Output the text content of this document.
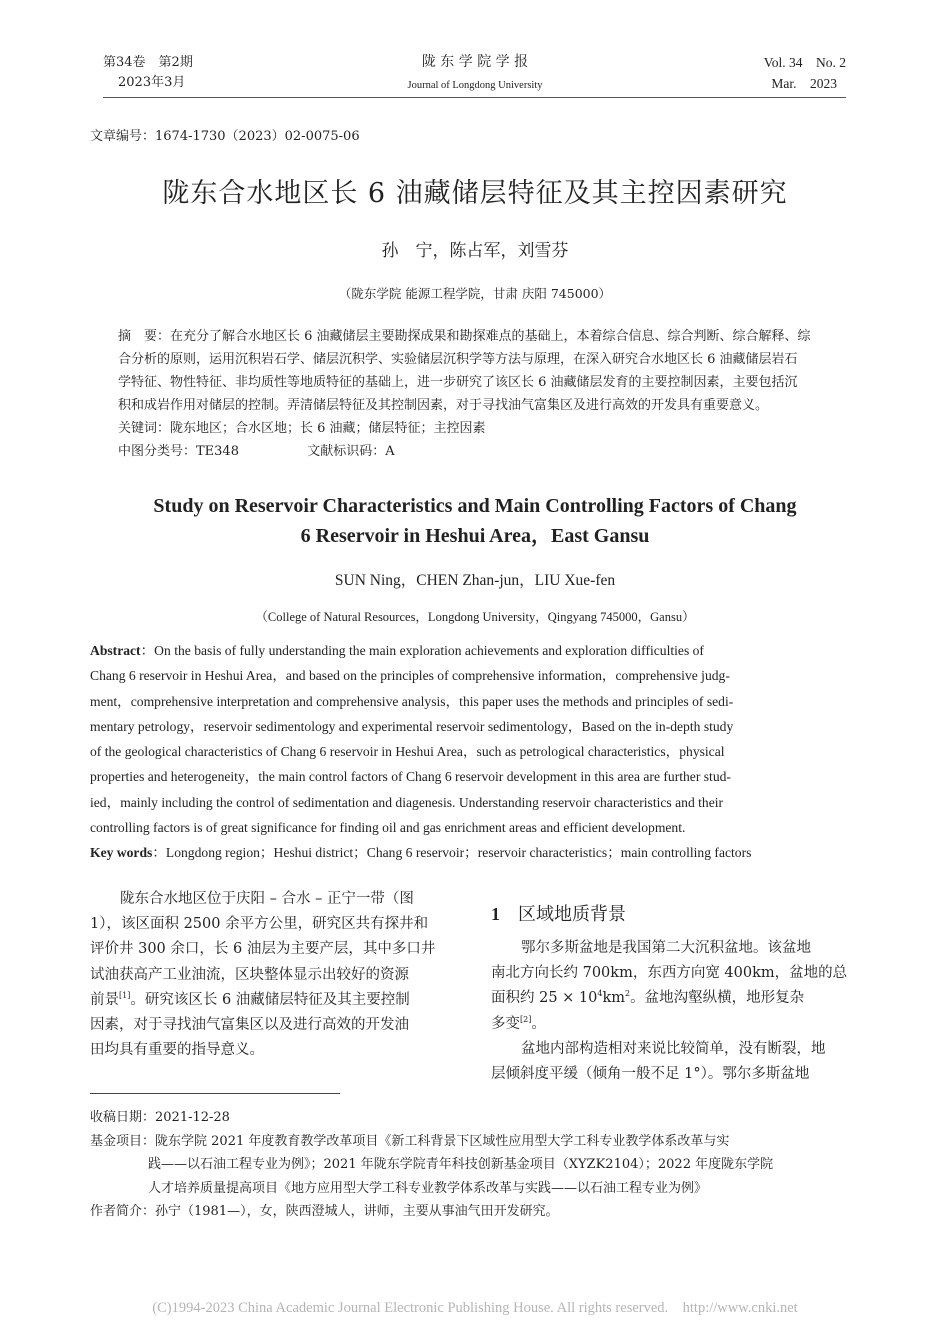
第34卷　第2期
2023年3月
陇 东 学 院 学 报
Journal of Longdong University
Vol. 34　No. 2
Mar.　2023
文章编号：1674-1730（2023）02-0075-06
陇东合水地区长 6 油藏储层特征及其主控因素研究
孙　宁，陈占军，刘雪芬
（陇东学院 能源工程学院，甘肃 庆阳 745000）
摘　要：在充分了解合水地区长 6 油藏储层主要勘探成果和勘探难点的基础上，本着综合信息、综合判断、综合解释、综
合分析的原则，运用沉积岩石学、储层沉积学、实验储层沉积学等方法与原理，在深入研究合水地区长 6 油藏储层岩石
学特征、物性特征、非均质性等地质特征的基础上，进一步研究了该区长 6 油藏储层发育的主要控制因素，主要包括沉
积和成岩作用对储层的控制。弄清储层特征及其控制因素，对于寻找油气富集区及进行高效的开发具有重要意义。
关键词：陇东地区；合水区地；长 6 油藏；储层特征；主控因素
中图分类号：TE348	文献标识码：A
Study on Reservoir Characteristics and Main Controlling Factors of Chang
6 Reservoir in Heshui Area，East Gansu
SUN Ning，CHEN Zhan-jun，LIU Xue-fen
（College of Natural Resources，Longdong University，Qingyang 745000，Gansu）
Abstract：On the basis of fully understanding the main exploration achievements and exploration difficulties of
Chang 6 reservoir in Heshui Area，and based on the principles of comprehensive information，comprehensive judg-
ment，comprehensive interpretation and comprehensive analysis，this paper uses the methods and principles of sedi-
mentary petrology，reservoir sedimentology and experimental reservoir sedimentology，Based on the in-depth study
of the geological characteristics of Chang 6 reservoir in Heshui Area，such as petrological characteristics，physical
properties and heterogeneity，the main control factors of Chang 6 reservoir development in this area are further stud-
ied，mainly including the control of sedimentation and diagenesis. Understanding reservoir characteristics and their
controlling factors is of great significance for finding oil and gas enrichment areas and efficient development.
Key words：Longdong region；Heshui district；Chang 6 reservoir；reservoir characteristics；main controlling factors
陇东合水地区位于庆阳 – 合水 – 正宁一带（图
1），该区面积 2500 余平方公里，研究区共有探井和
评价井 300 余口，长 6 油层为主要产层，其中多口井
试油获高产工业油流，区块整体显示出较好的资源
前景[1]。研究该区长 6 油藏储层特征及其主要控制
因素，对于寻找油气富集区以及进行高效的开发油
田均具有重要的指导意义。
1 区域地质背景
鄂尔多斯盆地是我国第二大沉积盆地。该盆地
南北方向长约 700km，东西方向宽 400km，盆地的总
面积约 $25 \times 10^4km^2$。盆地沟壑纵横，地形复杂
多变[2]。
盆地内部构造相对来说比较简单，没有断裂，地
层倾斜度平缓（倾角一般不足 1°）。鄂尔多斯盆地
收稿日期：2021-12-28
基金项目：陇东学院 2021 年度教育教学改革项目《新工科背景下区域性应用型大学工科专业教学体系改革与实
践——以石油工程专业为例》；2021 年陇东学院青年科技创新基金项目（XYZK2104）；2022 年度陇东学院
人才培养质量提高项目《地方应用型大学工科专业教学体系改革与实践——以石油工程专业为例》
作者简介：孙宁（1981—），女，陕西澄城人，讲师，主要从事油气田开发研究。
(C)1994-2023 China Academic Journal Electronic Publishing House. All rights reserved.　http://www.cnki.net
